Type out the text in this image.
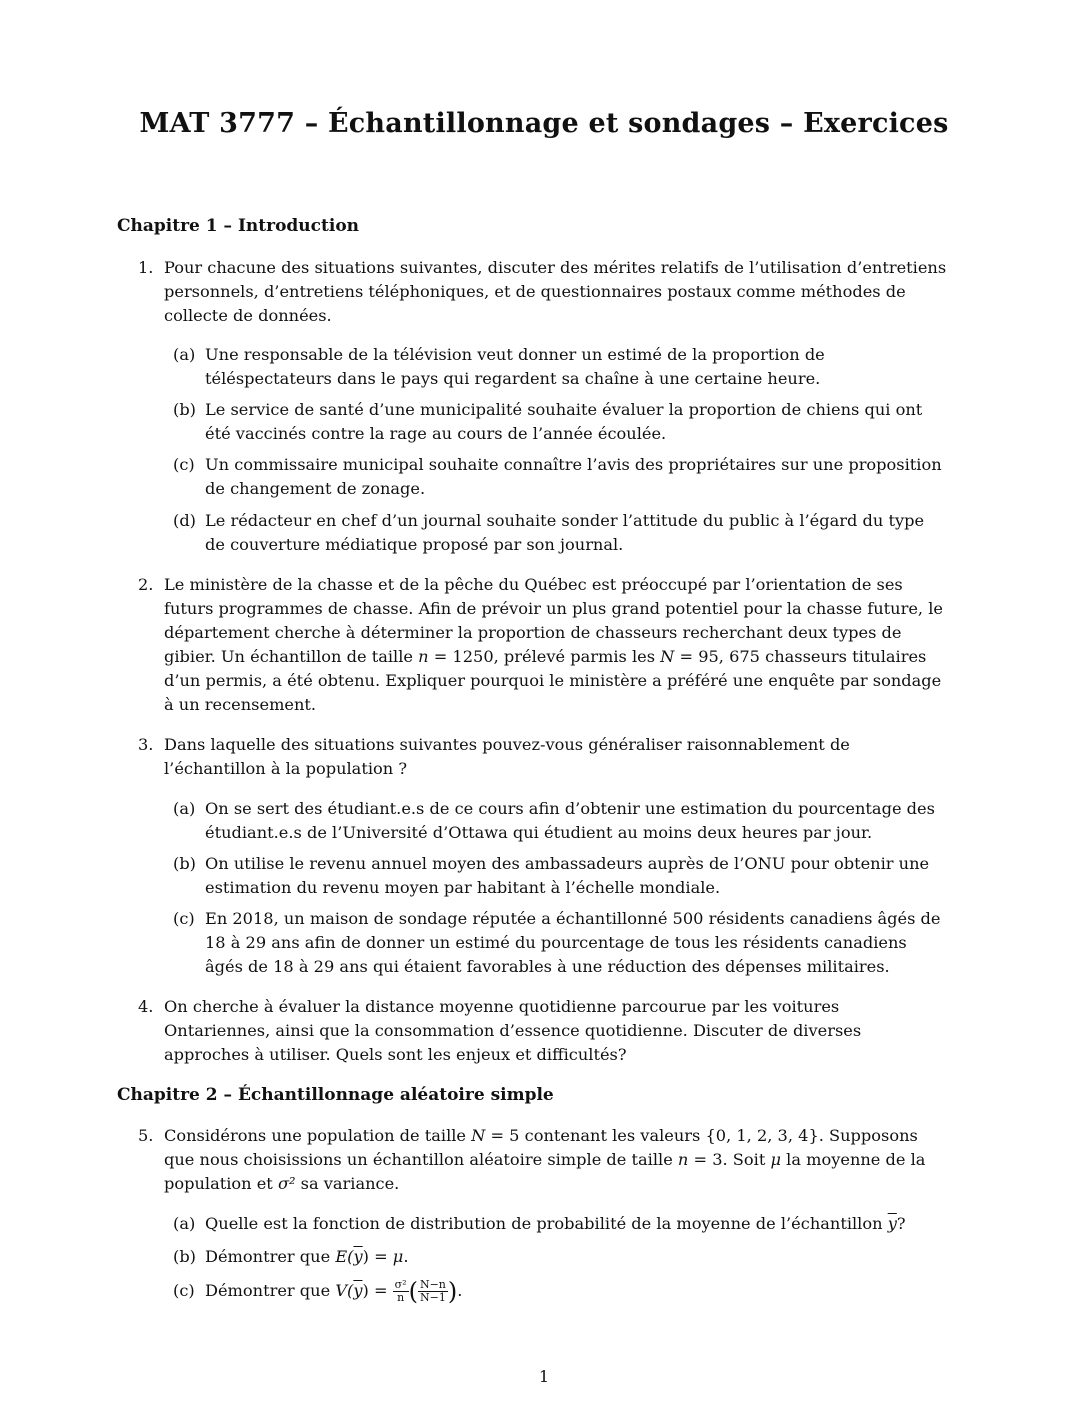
MAT 3777 – Échantillonnage et sondages – Exercices
Chapitre 1 – Introduction
1. Pour chacune des situations suivantes, discuter des mérites relatifs de l’utilisation d’entretiens personnels, d’entretiens téléphoniques, et de questionnaires postaux comme méthodes de collecte de données.
(a) Une responsable de la télévision veut donner un estimé de la proportion de téléspectateurs dans le pays qui regardent sa chaîne à une certaine heure.
(b) Le service de santé d’une municipalité souhaite évaluer la proportion de chiens qui ont été vaccinés contre la rage au cours de l’année écoulée.
(c) Un commissaire municipal souhaite connaître l’avis des propriétaires sur une proposition de changement de zonage.
(d) Le rédacteur en chef d’un journal souhaite sonder l’attitude du public à l’égard du type de couverture médiatique proposé par son journal.
2. Le ministère de la chasse et de la pêche du Québec est préoccupé par l’orientation de ses futurs programmes de chasse. Afin de prévoir un plus grand potentiel pour la chasse future, le département cherche à déterminer la proportion de chasseurs recherchant deux types de gibier. Un échantillon de taille n = 1250, prélevé parmis les N = 95, 675 chasseurs titulaires d’un permis, a été obtenu. Expliquer pourquoi le ministère a préféré une enquête par sondage à un recensement.
3. Dans laquelle des situations suivantes pouvez-vous généraliser raisonnablement de l’échantillon à la population ?
(a) On se sert des étudiant.e.s de ce cours afin d’obtenir une estimation du pourcentage des étudiant.e.s de l’Université d’Ottawa qui étudient au moins deux heures par jour.
(b) On utilise le revenu annuel moyen des ambassadeurs auprès de l’ONU pour obtenir une estimation du revenu moyen par habitant à l’échelle mondiale.
(c) En 2018, un maison de sondage réputée a échantillonné 500 résidents canadiens âgés de 18 à 29 ans afin de donner un estimé du pourcentage de tous les résidents canadiens âgés de 18 à 29 ans qui étaient favorables à une réduction des dépenses militaires.
4. On cherche à évaluer la distance moyenne quotidienne parcourue par les voitures Ontariennes, ainsi que la consommation d’essence quotidienne. Discuter de diverses approches à utiliser. Quels sont les enjeux et difficultés?
Chapitre 2 – Échantillonnage aléatoire simple
5. Considérons une population de taille N = 5 contenant les valeurs {0, 1, 2, 3, 4}. Supposons que nous choisissions un échantillon aléatoire simple de taille n = 3. Soit μ la moyenne de la population et σ² sa variance.
(a) Quelle est la fonction de distribution de probabilité de la moyenne de l’échantillon $\overline{y}$?
(b) Démontrer que $E(\overline{y}) = \mu$.
(c) Démontrer que $V(\overline{y}) = \frac{\text{σ²}}{n}$ ( $\frac{N-n}{N-1}$ ).
1
